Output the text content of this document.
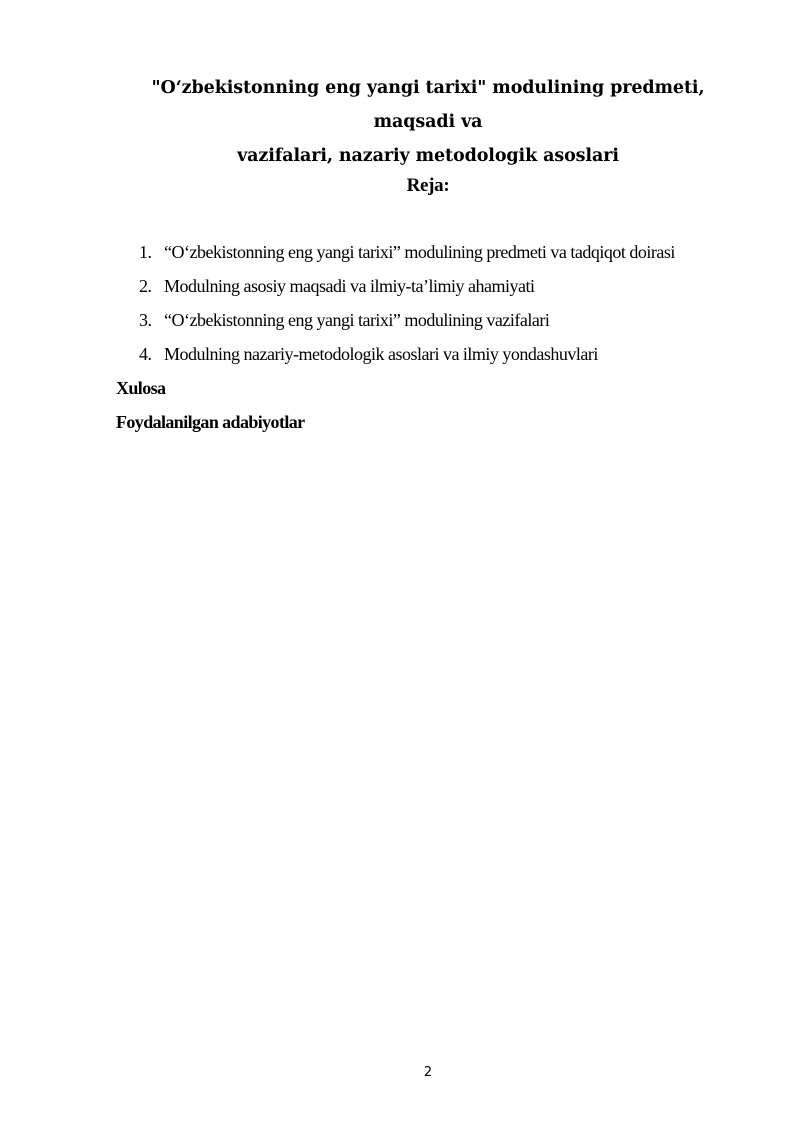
"O‘zbekistonning eng yangi tarixi" modulining predmeti, maqsadi va
vazifalari, nazariy metodologik asoslari
Reja:
1. “O‘zbekistonning eng yangi tarixi” modulining predmeti va tadqiqot doirasi
2. Modulning asosiy maqsadi va ilmiy-ta’limiy ahamiyati
3. “O‘zbekistonning eng yangi tarixi” modulining vazifalari
4. Modulning nazariy-metodologik asoslari va ilmiy yondashuvlari
Xulosa
Foydalanilgan adabiyotlar
2
